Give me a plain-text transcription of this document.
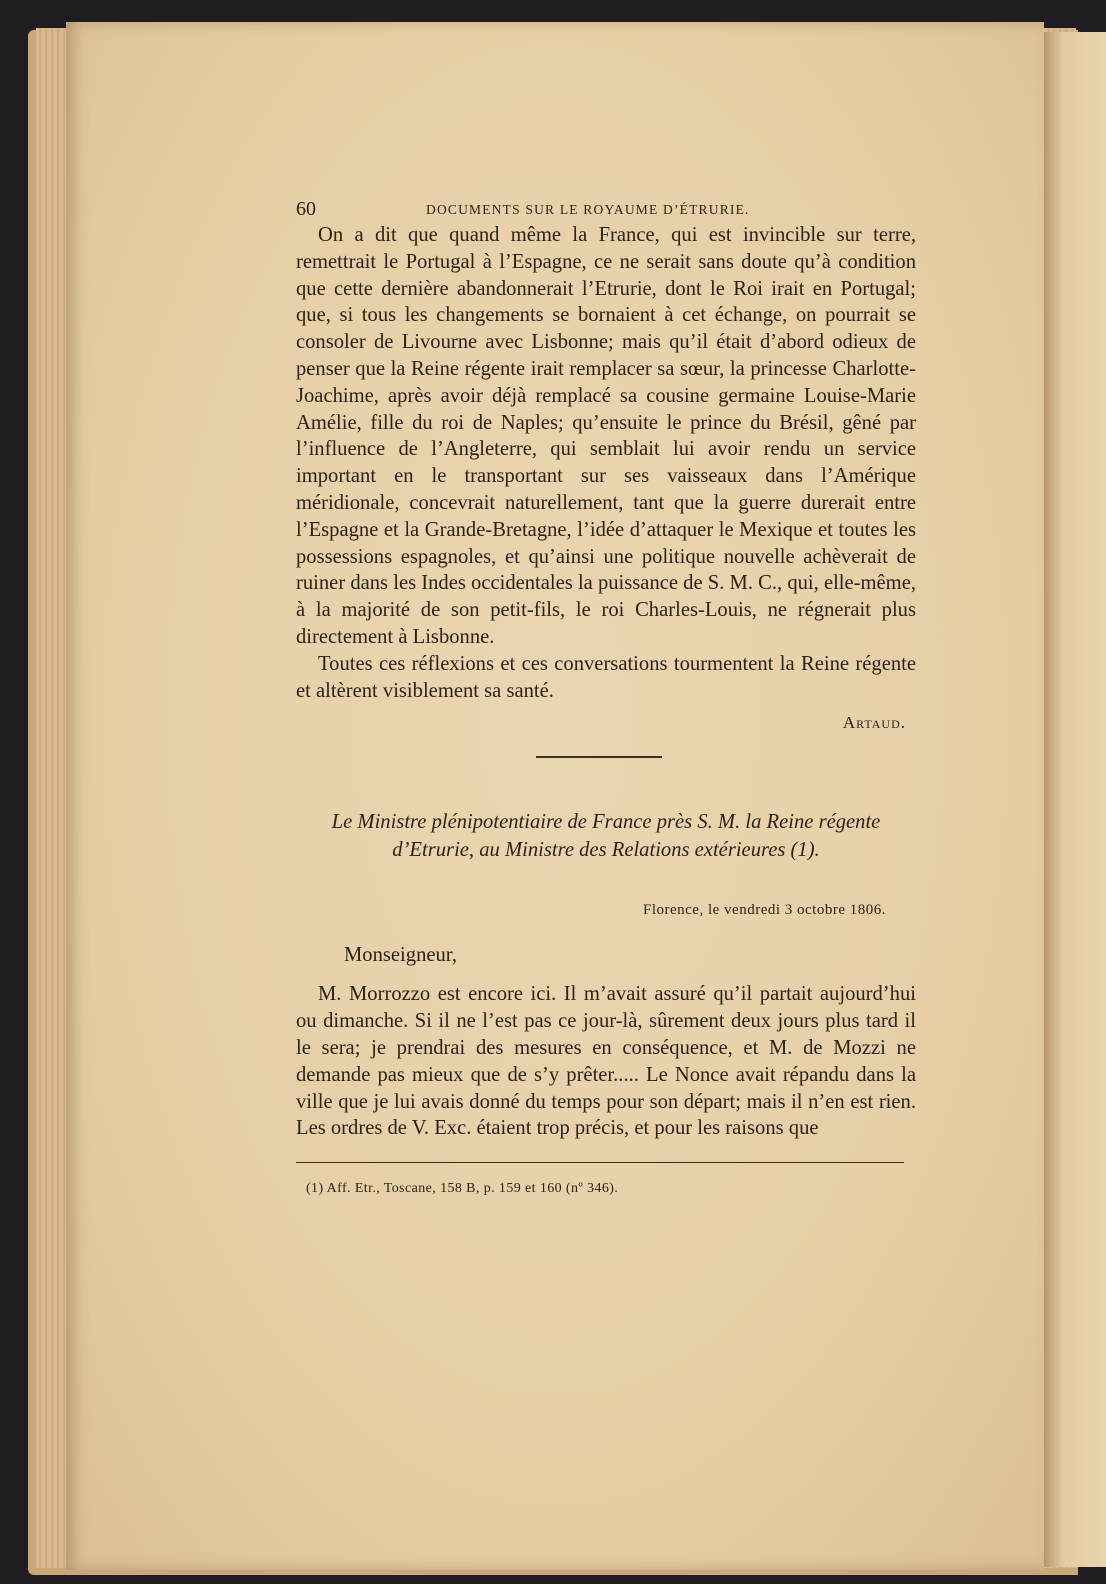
60	DOCUMENTS SUR LE ROYAUME D’ÉTRURIE.

On a dit que quand même la France, qui est invincible sur terre, remettrait le Portugal à l’Espagne, ce ne serait sans doute qu’à condition que cette dernière abandonnerait l’Etrurie, dont le Roi irait en Portugal; que, si tous les changements se bornaient à cet échange, on pourrait se consoler de Livourne avec Lisbonne; mais qu’il était d’abord odieux de penser que la Reine régente irait remplacer sa sœur, la princesse Charlotte-Joachime, après avoir déjà remplacé sa cousine germaine Louise-Marie Amélie, fille du roi de Naples; qu’ensuite le prince du Brésil, gêné par l’influence de l’Angleterre, qui semblait lui avoir rendu un service important en le transportant sur ses vaisseaux dans l’Amérique méridionale, concevrait naturellement, tant que la guerre durerait entre l’Espagne et la Grande-Bretagne, l’idée d’attaquer le Mexique et toutes les possessions espagnoles, et qu’ainsi une politique nouvelle achèverait de ruiner dans les Indes occidentales la puissance de S. M. C., qui, elle-même, à la majorité de son petit-fils, le roi Charles-Louis, ne régnerait plus directement à Lisbonne.

Toutes ces réflexions et ces conversations tourmentent la Reine régente et altèrent visiblement sa santé.

Artaud.
Le Ministre plénipotentiaire de France près S. M. la Reine régente d’Etrurie, au Ministre des Relations extérieures (1).
Florence, le vendredi 3 octobre 1806.
Monseigneur,

M. Morrozzo est encore ici. Il m’avait assuré qu’il partait aujourd’hui ou dimanche. Si il ne l’est pas ce jour-là, sûrement deux jours plus tard il le sera; je prendrai des mesures en conséquence, et M. de Mozzi ne demande pas mieux que de s’y prêter..... Le Nonce avait répandu dans la ville que je lui avais donné du temps pour son départ; mais il n’en est rien. Les ordres de V. Exc. étaient trop précis, et pour les raisons que

(1) Aff. Etr., Toscane, 158 B, p. 159 et 160 (nº 346).
